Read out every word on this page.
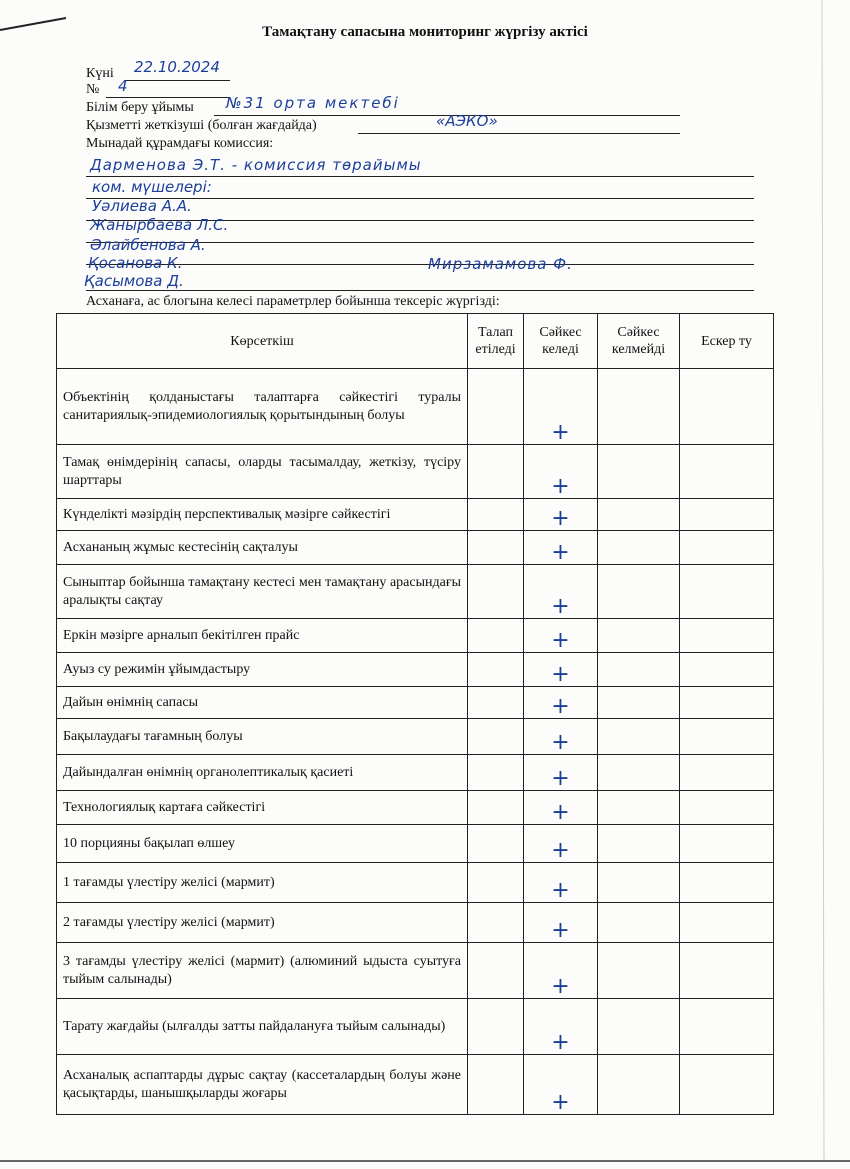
Тамақтану сапасына мониторинг жүргізу актісі
Күні 22.10.2024
№ 4
Білім беру ұйымы №31 орта мектебі
Қызметті жеткізуші (болған жағдайда)	«АЭКО»
Мынадай құрамдағы комиссия:
Дарменова Э.Т. - комиссия төрайымы
ком. мүшелері:
Уәлиева А.А.
Жанырбаева Л.С.
Әлайбенова А.
Қосанова К.
Қасымова Д.
Мирзамамова Ф.
Асханаға, ас блогына келесі параметрлер бойынша тексеріс жүргізді:
Көрсеткіш	Талап етіледі	Сәйкес келеді	Сәйкес келмейді	Ескер ту
Объектінің қолданыстағы талаптарға сәйкестігі туралы санитариялық-эпидемиологиялық қорытындының болуы		+		
Тамақ өнімдерінің сапасы, оларды тасымалдау, жеткізу, түсіру шарттары		+		
Күнделікті мәзірдің перспективалық мәзірге сәйкестігі		+		
Асхананың жұмыс кестесінің сақталуы		+		
Сыныптар бойынша тамақтану кестесі мен тамақтану арасындағы аралықты сақтау		+		
Еркін мәзірге арналып бекітілген прайс		+		
Ауыз су режимін ұйымдастыру		+		
Дайын өнімнің сапасы		+		
Бақылаудағы тағамның болуы		+		
Дайындалған өнімнің органолептикалық қасиеті		+		
Технологиялық картаға сәйкестігі		+		
10 порцияны бақылап өлшеу		+		
1 тағамды үлестіру желісі (мармит)		+		
2 тағамды үлестіру желісі (мармит)		+		
3 тағамды үлестіру желісі (мармит) (алюминий ыдыста суытуға тыйым салынады)		+		
Тарату жағдайы (ылғалды затты пайдалануға тыйым салынады)		+		
Асханалық аспаптарды дұрыс сақтау (кассеталардың болуы және қасықтарды, шанышқыларды жоғары		+		
